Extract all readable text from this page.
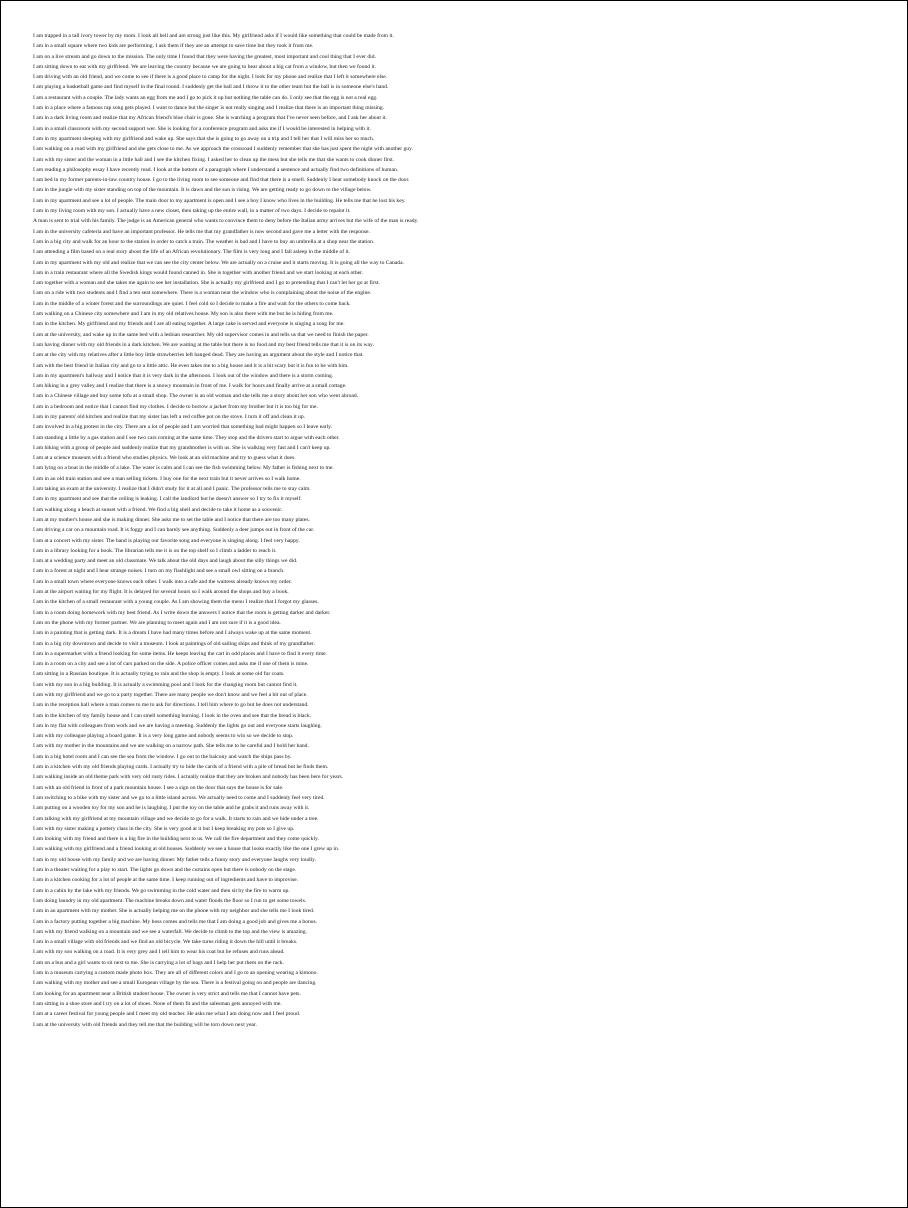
I am trapped in a tall ivory tower by my mom. I look all hell and am strong just like this. My girlfriend asks if I would like something that could be made from it.
I am in a small square where two kids are performing. I ask them if they are an attempt to save time but they took it from me.
I am on a live stream and go down to the mission. The only time I found that they were having the greatest, most important and cool thing that I ever did.
I am sitting down to eat with my girlfriend. We are leaving the country because we are going to hear about a big cat from a window, but then we found it.
I am driving with an old friend, and we come to see if there is a good place to camp for the night. I look for my phone and realize that I left it somewhere else.
I am playing a basketball game and find myself in the final round. I suddenly get the ball and I throw it to the other team but the ball is in someone else's hand.
I am a restaurant with a couple. The lady wants an egg from me and I go to pick it up but nothing the table can do. I only see that the egg is not a real egg.
I am in a place where a famous rap song gets played. I want to dance but the singer is not really singing and I realize that there is an important thing missing.
I am in a dark living room and realize that my African friend's blue chair is gone. She is watching a program that I've never seen before, and I ask her about it.
I am in a small classroom with my second support wer. She is looking for a conference program and asks me if I would be interested in helping with it.
I am in my apartment sleeping with my girlfriend and wake up. She says that she is going to go away on a trip and I tell her that I will miss her so much.
I am walking on a road with my girlfriend and she gets close to me. As we approach the crossroad I suddenly remember that she has just spent the night with another guy.
I am with my sister and the woman in a little hall and I see the kitchen fixing. I asked her to clean up the mess but she tells me that she wants to cook dinner first.
I am reading a philosophy essay I have recently read. I look at the bottom of a paragraph where I understand a sentence and actually find two definitions of human.
I am bed in my former parents-in-law country house. I go to the living room to see someone and find that there is a smell. Suddenly I hear somebody knock on the door.
I am in the jungle with my sister standing on top of the mountain. It is dawn and the sun is rising. We are getting ready to go down to the village below.
I am in my apartment and see a lot of people. The main door to my apartment is open and I see a boy I know who lives in the building. He tells me that he lost his key.
I am in my living room with my son. I actually have a new closet, then taking up the entire wall, in a matter of two days. I decide to repaint it.
A man is sent to trial with his family. The judge is an American general who wants to convince them to deny before the Italian army arrives but the wife of the man is ready.
I am in the university cafeteria and have an important professor. He tells me that my grandfather is now second and gave me a letter with the response.
I am in a big city and walk for an hour to the station in order to catch a train. The weather is bad and I have to buy an umbrella at a shop near the station.
I am attending a film based on a real story about the life of an African revolutionary. The film is very long and I fall asleep in the middle of it.
I am in my apartment with my old and realize that we can see the city center below. We are actually on a cruise and it starts moving. It is going all the way to Canada.
I am in a train restaurant where all the Swedish kings would found canned in. She is together with another friend and we start looking at each other.
I am together with a woman and she takes me again to see her installation. She is actually my girlfriend and I go to pretending that I can't let her go at first.
I am on a ride with two students and I find a ten seat somewhere. There is a woman near the window who is complaining about the noise of the engine.
I am in the middle of a winter forest and the surroundings are quiet. I feel cold so I decide to make a fire and wait for the others to come back.
I am walking on a Chinese city somewhere and I am in my old relatives house. My son is also there with me but he is hiding from me.
I am in the kitchen. My girlfriend and my friends and I are all eating together. A large cake is served and everyone is singing a song for me.
I am at the university, and wake up in the same bed with a lesbian researcher. My old supervisor comes in and tells us that we need to finish the paper.
I am having dinner with my old friends in a dark kitchen. We are waiting at the table but there is no food and my best friend tells me that it is on its way.
I am at the city with my relatives after a little boy little strawberries left hanged dead. They are having an argument about the style and I notice that.
I am with the best friend in Italian city and go to a little attic. He even takes me to a big house and it is a bit scary but it is fun to be with him.
I am in my apartment's hallway and I notice that it is very dark in the afternoon. I look out of the window and there is a storm coming.
I am hiking in a grey valley and I realize that there is a snowy mountain in front of me. I walk for hours and finally arrive at a small cottage.
I am in a Chinese village and buy some tofu at a small shop. The owner is an old woman and she tells me a story about her son who went abroad.
I am in a bedroom and notice that I cannot find my clothes. I decide to borrow a jacket from my brother but it is too big for me.
I am in my parents' old kitchen and realize that my sister has left a red coffee pot on the stove. I turn it off and clean it up.
I am involved in a big protest in the city. There are a lot of people and I am worried that something bad might happen so I leave early.
I am standing a little by a gas station and I see two cars coming at the same time. They stop and the drivers start to argue with each other.
I am hiking with a group of people and suddenly realize that my grandmother is with us. She is walking very fast and I can't keep up.
I am at a science museum with a friend who studies physics. We look at an old machine and try to guess what it does.
I am lying on a boat in the middle of a lake. The water is calm and I can see the fish swimming below. My father is fishing next to me.
I am in an old train station and see a man selling tickets. I buy one for the next train but it never arrives so I walk home.
I am taking an exam at the university. I realize that I didn't study for it at all and I panic. The professor tells me to stay calm.
I am in my apartment and see that the ceiling is leaking. I call the landlord but he doesn't answer so I try to fix it myself.
I am walking along a beach at sunset with a friend. We find a big shell and decide to take it home as a souvenir.
I am at my mother's house and she is making dinner. She asks me to set the table and I notice that there are too many plates.
I am driving a car on a mountain road. It is foggy and I can barely see anything. Suddenly a deer jumps out in front of the car.
I am at a concert with my sister. The band is playing our favorite song and everyone is singing along. I feel very happy.
I am in a library looking for a book. The librarian tells me it is on the top shelf so I climb a ladder to reach it.
I am at a wedding party and meet an old classmate. We talk about the old days and laugh about the silly things we did.
I am in a forest at night and I hear strange noises. I turn on my flashlight and see a small owl sitting on a branch.
I am in a small town where everyone knows each other. I walk into a cafe and the waitress already knows my order.
I am at the airport waiting for my flight. It is delayed for several hours so I walk around the shops and buy a book.
I am in the kitchen of a small restaurant with a young couple. As I am showing them the menu I realize that I forgot my glasses.
I am in a room doing homework with my best friend. As I write down the answers I notice that the room is getting darker and darker.
I am on the phone with my former partner. We are planning to meet again and I am not sure if it is a good idea.
I am in a painting that is getting dark. It is a dream I have had many times before and I always wake up at the same moment.
I am in a big city downtown and decide to visit a museum. I look at paintings of old sailing ships and think of my grandfather.
I am in a supermarket with a friend looking for some items. He keeps leaving the cart in odd places and I have to find it every time.
I am in a room on a city and see a lot of cars parked on the side. A police officer comes and asks me if one of them is mine.
I am sitting in a Russian boutique. It is actually trying to rain and the shop is empty. I look at some old fur coats.
I am with my son in a big building. It is actually a swimming pool and I look for the changing room but cannot find it.
I am with my girlfriend and we go to a party together. There are many people we don't know and we feel a bit out of place.
I am in the reception hall where a man comes to me to ask for directions. I tell him where to go but he does not understand.
I am in the kitchen of my family house and I can smell something burning. I look in the oven and see that the bread is black.
I am in my flat with colleagues from work and we are having a meeting. Suddenly the lights go out and everyone starts laughing.
I am with my colleague playing a board game. It is a very long game and nobody seems to win so we decide to stop.
I am with my mother in the mountains and we are walking on a narrow path. She tells me to be careful and I hold her hand.
I am in a big hotel room and I can see the sea from the window. I go out to the balcony and watch the ships pass by.
I am in a kitchen with my old friends playing cards. I actually try to hide the cards of a friend with a pile of bread but he finds them.
I am walking inside an old theme park with very old rusty rides. I actually realize that they are broken and nobody has been here for years.
I am with an old friend in front of a park mountain house. I see a sign on the door that says the house is for sale.
I am switching to a bike with my sister and we go to a little island across. We actually need to come and I suddenly feel very tired.
I am putting on a wooden toy for my son and he is laughing. I put the toy on the table and he grabs it and runs away with it.
I am talking with my girlfriend at my mountain village and we decide to go for a walk. It starts to rain and we hide under a tree.
I am with my sister making a pottery class in the city. She is very good at it but I keep breaking my pots so I give up.
I am looking with my friend and there is a big fire in the building next to us. We call the fire department and they come quickly.
I am walking with my girlfriend and a friend looking at old houses. Suddenly we see a house that looks exactly like the one I grew up in.
I am in my old house with my family and we are having dinner. My father tells a funny story and everyone laughs very loudly.
I am in a theater waiting for a play to start. The lights go down and the curtains open but there is nobody on the stage.
I am in a kitchen cooking for a lot of people at the same time. I keep running out of ingredients and have to improvise.
I am in a cabin by the lake with my friends. We go swimming in the cold water and then sit by the fire to warm up.
I am doing laundry in my old apartment. The machine breaks down and water floods the floor so I run to get some towels.
I am in an apartment with my mother. She is actually helping me on the phone with my neighbor and she tells me I look tired.
I am in a factory putting together a big machine. My boss comes and tells me that I am doing a good job and gives me a bonus.
I am with my friend walking on a mountain and we see a waterfall. We decide to climb to the top and the view is amazing.
I am in a small village with old friends and we find an old bicycle. We take turns riding it down the hill until it breaks.
I am with my son walking on a road. It is very grey and I tell him to wear his coat but he refuses and runs ahead.
I am on a bus and a girl wants to sit next to me. She is carrying a lot of bags and I help her put them on the rack.
I am in a museum carrying a custom made photo box. They are all of different colors and I go to an opening wearing a kimono.
I am walking with my mother and see a small European village by the sea. There is a festival going on and people are dancing.
I am looking for an apartment near a British student house. The owner is very strict and tells me that I cannot have pets.
I am sitting in a shoe store and I try on a lot of shoes. None of them fit and the salesman gets annoyed with me.
I am at a career festival for young people and I meet my old teacher. He asks me what I am doing now and I feel proud.
I am at the university with old friends and they tell me that the building will be torn down next year.
